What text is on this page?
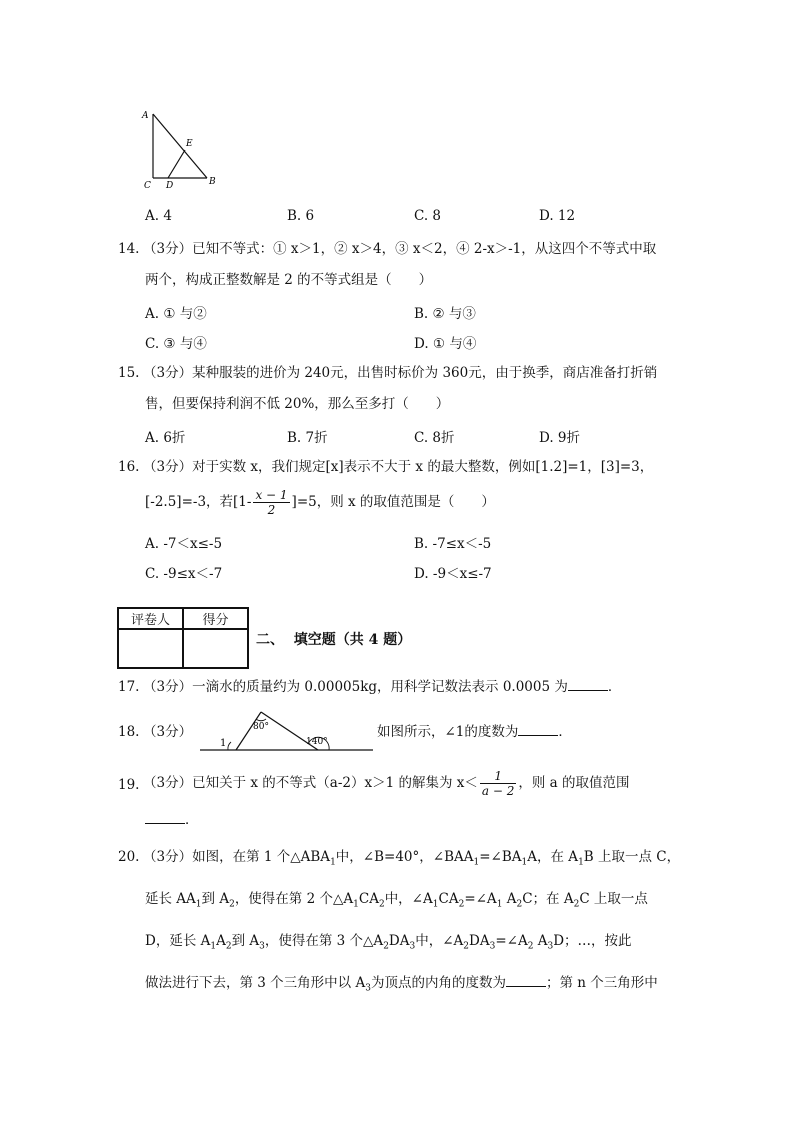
A
E
C D	B
A. 4	B. 6	C. 8	D. 12
14. （3分）已知不等式：① x＞1，② x＞4，③ x＜2，④ 2-x＞-1，从这四个不等式中取
两个，构成正整数解是 2 的不等式组是（　　）
A. ① 与②	B. ② 与③
C. ③ 与④	D. ① 与④
15. （3分）某种服装的进价为 240元，出售时标价为 360元，由于换季，商店准备打折销
售，但要保持利润不低 20%，那么至多打（　　）
A. 6折	B. 7折	C. 8折	D. 9折
16. （3分）对于实数 x，我们规定[x]表示不大于 x 的最大整数，例如[1.2]=1，[3]=3，
[-2.5]=-3，若$[1- \frac{x - 1}{2} ]=5$，则 x 的取值范围是（　　）
A. -7＜x≤-5	B. -7≤x＜-5
C. -9≤x＜-7	D. -9＜x≤-7
评卷人	得分

二、 填空题（共 4 题）
17. （3分）一滴水的质量约为 0.00005kg，用科学记数法表示 0.0005 为	．
18. （3分）
1
80°
140°
如图所示，∠1的度数为	．
19. （3分）已知关于 x 的不等式（a-2）x＞1 的解集为 $x< \frac{1}{a - 2}$ ，则 a 的取值范围
．
20. （3分）如图，在第 1 个$\triangle ABA_1$中，∠B=40°，$\angle BAA_1=\angle BA_1A$，在 $A_1B$ 上取一点 C，
延长 $AA_1$到 $A_2$，使得在第 2 个$\triangle A_1CA_2$中，$\angle A_1CA_2=\angle A_1$ $A_2C$；在 $A_2C$ 上取一点
D，延长 $A_1A_2$到 $A_3$，使得在第 3 个$\triangle A_2DA_3$中，$\angle A_2DA_3=\angle A_2$ $A_3D$；…，按此
做法进行下去，第 3 个三角形中以 $A_3$为顶点的内角的度数为	；第 n 个三角形中
